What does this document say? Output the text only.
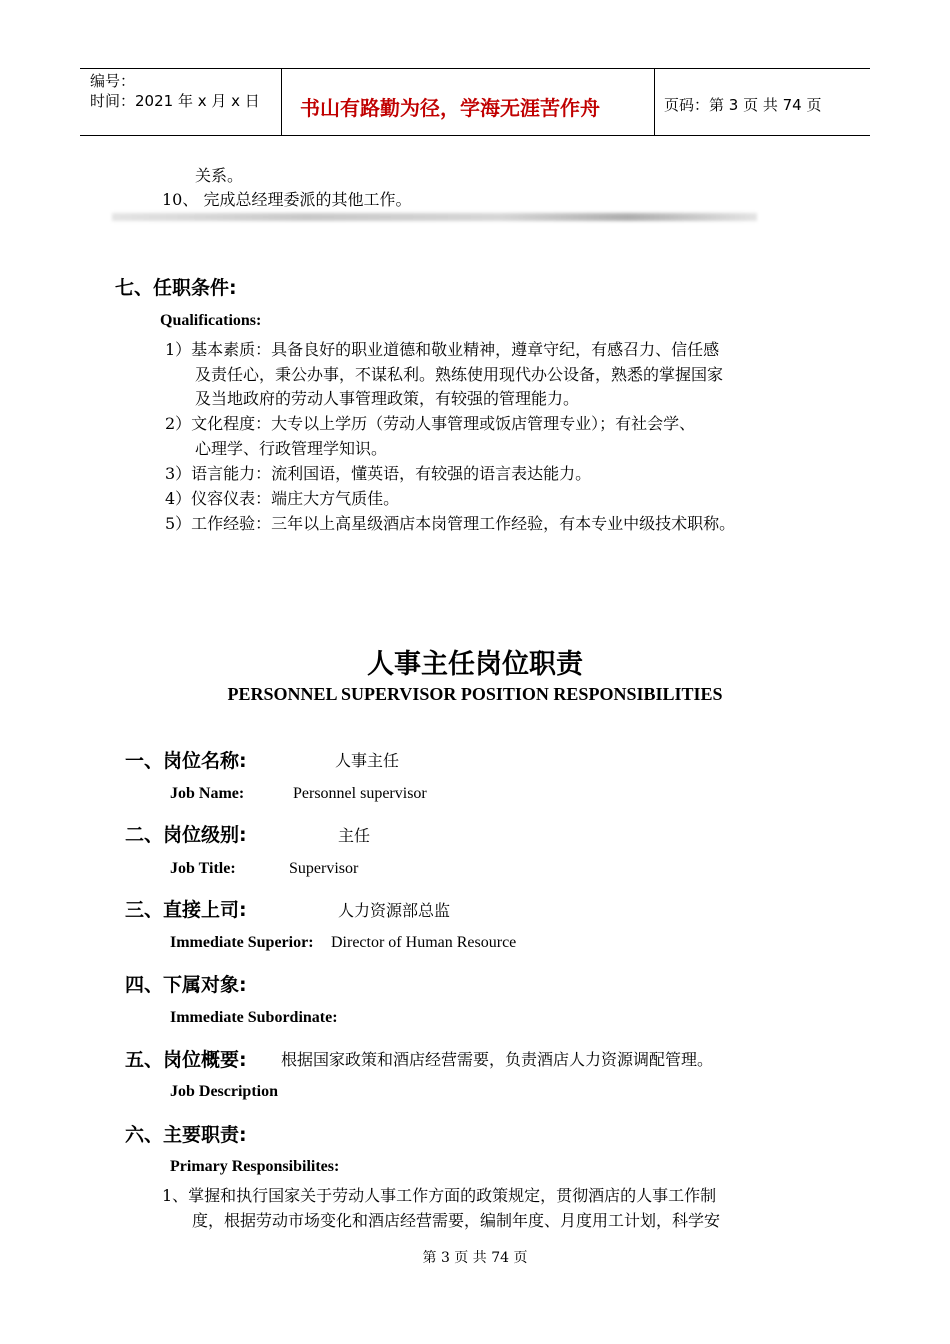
编号：
时间：2021 年 x 月 x 日 书山有路勤为径，学海无涯苦作舟	页码：第 3 页 共 74 页
关系。
10、 完成总经理委派的其他工作。
七、任职条件:
Qualifications:
1）基本素质：具备良好的职业道德和敬业精神，遵章守纪，有感召力、信任感
及责任心，秉公办事，不谋私利。熟练使用现代办公设备，熟悉的掌握国家
及当地政府的劳动人事管理政策，有较强的管理能力。
2）文化程度：大专以上学历（劳动人事管理或饭店管理专业）；有社会学、
心理学、行政管理学知识。
3）语言能力：流利国语，懂英语，有较强的语言表达能力。
4）仪容仪表：端庄大方气质佳。
5）工作经验：三年以上高星级酒店本岗管理工作经验，有本专业中级技术职称。
人事主任岗位职责
PERSONNEL SUPERVISOR POSITION RESPONSIBILITIES
一、岗位名称:	人事主任
Job Name:	Personnel supervisor
二、岗位级别:	主任
Job Title:	Supervisor
三、直接上司:	人力资源部总监
Immediate Superior: Director of Human Resource
四、下属对象:
Immediate Subordinate:
五、岗位概要: 根据国家政策和酒店经营需要，负责酒店人力资源调配管理。
Job Description
六、主要职责:
Primary Responsibilites:
1、掌握和执行国家关于劳动人事工作方面的政策规定，贯彻酒店的人事工作制
度，根据劳动市场变化和酒店经营需要，编制年度、月度用工计划，科学安
第 3 页 共 74 页
